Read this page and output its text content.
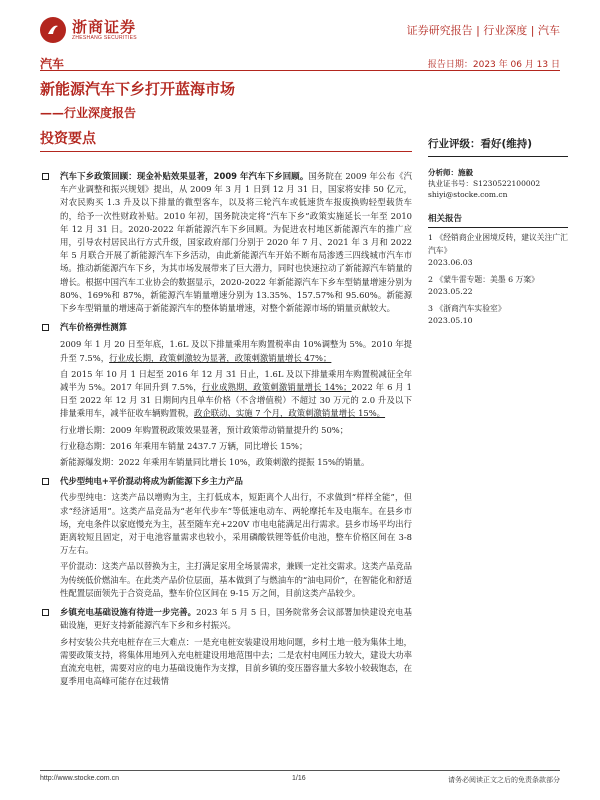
浙商证券
ZHESHANG SECURITIES
证券研究报告 | 行业深度 | 汽车
汽车	报告日期：2023 年 06 月 13 日
新能源汽车下乡打开蓝海市场
——行业深度报告
投资要点
汽车下乡政策回顾：现金补贴效果显著，2009 年汽车下乡回顾。国务院在 2009 年公布《汽车产业调整和振兴规划》提出，从 2009 年 3 月 1 日到 12 月 31 日，国家将安排 50 亿元，对农民购买 1.3 升及以下排量的微型客车，以及将三轮汽车或低速货车报废换购轻型载货车的，给予一次性财政补贴。2010 年初，国务院决定将“汽车下乡”政策实施延长一年至 2010 年 12 月 31 日。2020-2022 年新能源汽车下乡回顾。为促进农村地区新能源汽车的推广应用，引导农村居民出行方式升级，国家政府部门分别于 2020 年 7 月、2021 年 3 月和 2022 年 5 月联合开展了新能源汽车下乡活动，由此新能源汽车开始不断布局渗透三四线城市汽车市场。推动新能源汽车下乡，为其市场发展带来了巨大潜力，同时也快速拉动了新能源汽车销量的增长。根据中国汽车工业协会的数据显示，2020-2022 年新能源汽车下乡车型销量增速分别为 80%、169%和 87%，新能源汽车销量增速分别为 13.35%、157.57%和 95.60%。新能源下乡车型销量的增速高于新能源汽车的整体销量增速，对整个新能源市场的销量贡献较大。
汽车价格弹性测算
2009 年 1 月 20 日至年底，1.6L 及以下排量乘用车购置税率由 10%调整为 5%。2010 年提升至 7.5%，行业成长期，政策刺激较为显著，政策刺激销量增长 47%；
自 2015 年 10 月 1 日起至 2016 年 12 月 31 日止，1.6L 及以下排量乘用车购置税减征全年减半为 5%。2017 年回升到 7.5%，行业成熟期，政策刺激销量增长 14%；2022 年 6 月 1 日至 2022 年 12 月 31 日期间内且单车价格（不含增值税）不超过 30 万元的 2.0 升及以下排量乘用车，减半征收车辆购置税，政企联动、实施 7 个月，政策刺激销量增长 15%。
行业增长期：2009 年购置税政策效果显著，预计政策带动销量提升约 50%；
行业稳态期：2016 年乘用车销量 2437.7 万辆，同比增长 15%；
新能源爆发期：2022 年乘用车销量同比增长 10%，政策刺激约提振 15%的销量。
代步型纯电+平价混动将成为新能源下乡主力产品
代步型纯电：这类产品以增购为主，主打低成本，短距离个人出行，不求做到“样样全能”，但求“经济适用”。这类产品竞品为“老年代步车”等低速电动车、两轮摩托车及电瓶车。在县乡市场，充电条件以家庭慢充为主，甚至随车充+220V 市电电能满足出行需求。县乡市场平均出行距离较短且固定，对于电池容量需求也较小，采用磷酸铁锂等低价电池，整车价格区间在 3-8 万左右。
平价混动：这类产品以替换为主，主打满足家用全场景需求，兼顾一定社交需求。这类产品竞品为传统低价燃油车。在此类产品价位层面，基本做到了与燃油车的“油电同价”，在智能化和舒适性配置层面领先于合资竞品，整车价位区间在 9-15 万之间，目前这类产品较少。
乡镇充电基础设施有待进一步完善。2023 年 5 月 5 日，国务院常务会议部署加快建设充电基础设施，更好支持新能源汽车下乡和乡村振兴。
乡村安装公共充电桩存在三大难点：一是充电桩安装建设用地问题，乡村土地一般为集体土地，需要政策支持，将集体用地列入充电桩建设用地范围中去；二是农村电网压力较大，建设大功率直流充电桩，需要对应的电力基础设施作为支撑，目前乡镇的变压器容量大多较小较载饱态，在夏季用电高峰可能存在过载情
行业评级：看好(维持)
分析师：施毅
执业证书号：S1230522100002
shiyi@stocke.com.cn
相关报告
1 《经销商企业困境反转，建议关注广汇汽车》
2023.06.03
2 《蒙牛雷专题：美墨 6 万案》
2023.05.22
3 《浙商汽车实验室》
2023.05.10
http://www.stocke.com.cn	1/16	请务必阅读正文之后的免责条款部分
